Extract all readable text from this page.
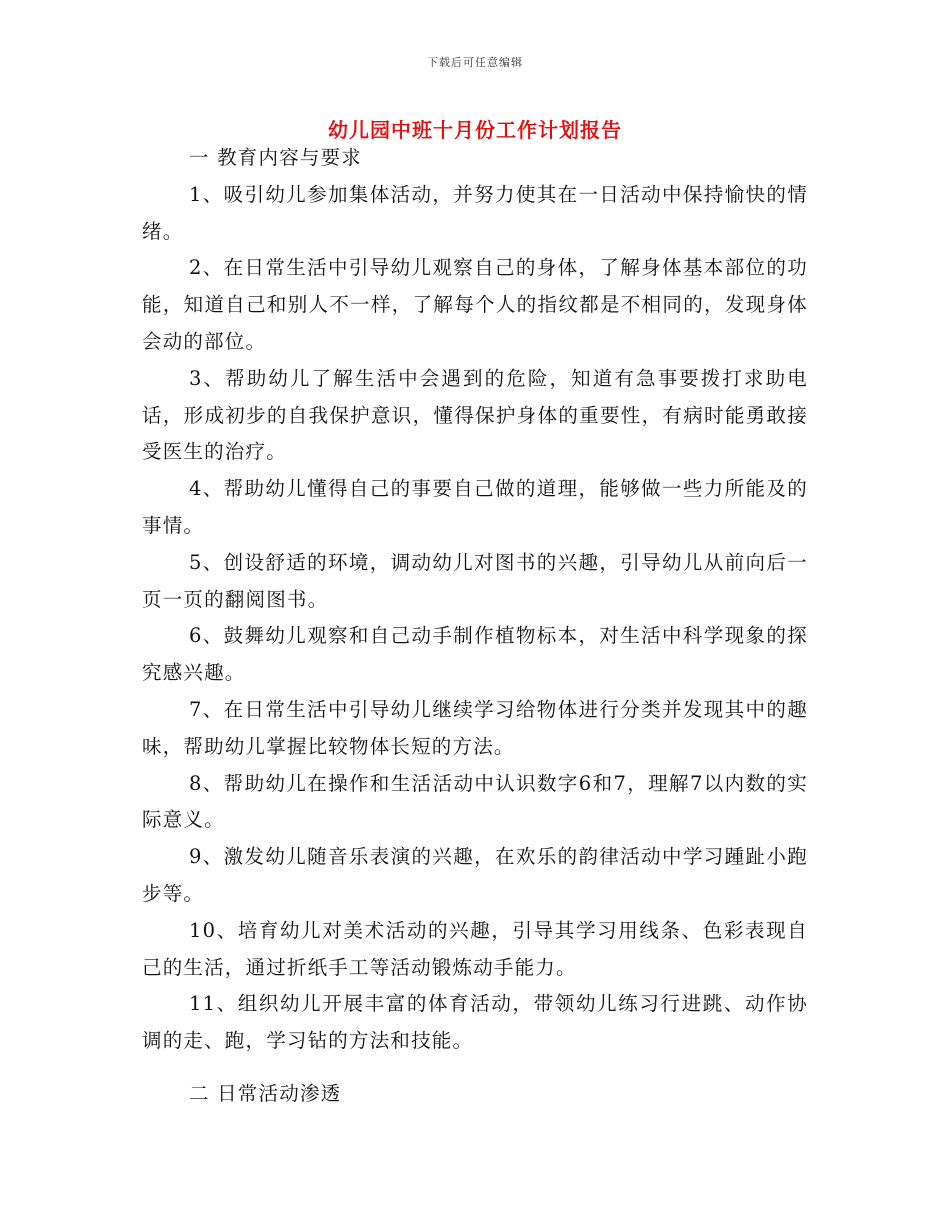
下载后可任意编辑
幼儿园中班十月份工作计划报告

一 教育内容与要求

1、吸引幼儿参加集体活动，并努力使其在一日活动中保持愉快的情绪。

2、在日常生活中引导幼儿观察自己的身体，了解身体基本部位的功能，知道自己和别人不一样，了解每个人的指纹都是不相同的，发现身体会动的部位。

3、帮助幼儿了解生活中会遇到的危险，知道有急事要拨打求助电话，形成初步的自我保护意识，懂得保护身体的重要性，有病时能勇敢接受医生的治疗。

4、帮助幼儿懂得自己的事要自己做的道理，能够做一些力所能及的事情。

5、创设舒适的环境，调动幼儿对图书的兴趣，引导幼儿从前向后一页一页的翻阅图书。

6、鼓舞幼儿观察和自己动手制作植物标本，对生活中科学现象的探究感兴趣。

7、在日常生活中引导幼儿继续学习给物体进行分类并发现其中的趣味，帮助幼儿掌握比较物体长短的方法。

8、帮助幼儿在操作和生活活动中认识数字6和7，理解7以内数的实际意义。

9、激发幼儿随音乐表演的兴趣，在欢乐的韵律活动中学习踵趾小跑步等。

10、培育幼儿对美术活动的兴趣，引导其学习用线条、色彩表现自己的生活，通过折纸手工等活动锻炼动手能力。

11、组织幼儿开展丰富的体育活动，带领幼儿练习行进跳、动作协调的走、跑，学习钻的方法和技能。

二 日常活动渗透
